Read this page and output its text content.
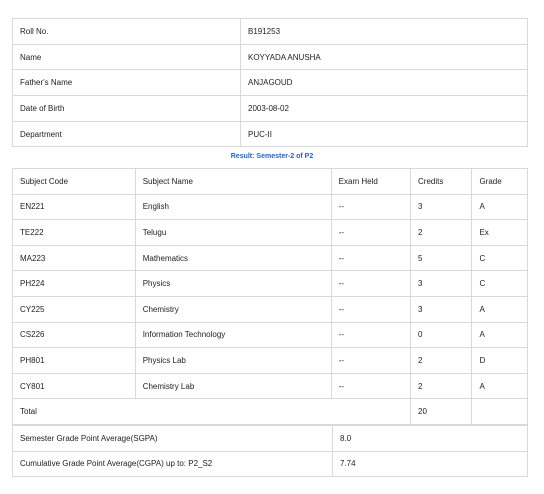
Roll No.	B191253
Name	KOYYADA ANUSHA
Father's Name	ANJAGOUD
Date of Birth	2003-08-02
Department	PUC-II
Result: Semester-2 of P2
Subject Code	Subject Name	Exam Held	Credits	Grade
EN221	English	--	3	A
TE222	Telugu	--	2	Ex
MA223	Mathematics	--	5	C
PH224	Physics	--	3	C
CY225	Chemistry	--	3	A
CS226	Information Technology	--	0	A
PH801	Physics Lab	--	2	D
CY801	Chemistry Lab	--	2	A
Total			20	
Semester Grade Point Average(SGPA)	8.0
Cumulative Grade Point Average(CGPA) up to: P2_S2	7.74
